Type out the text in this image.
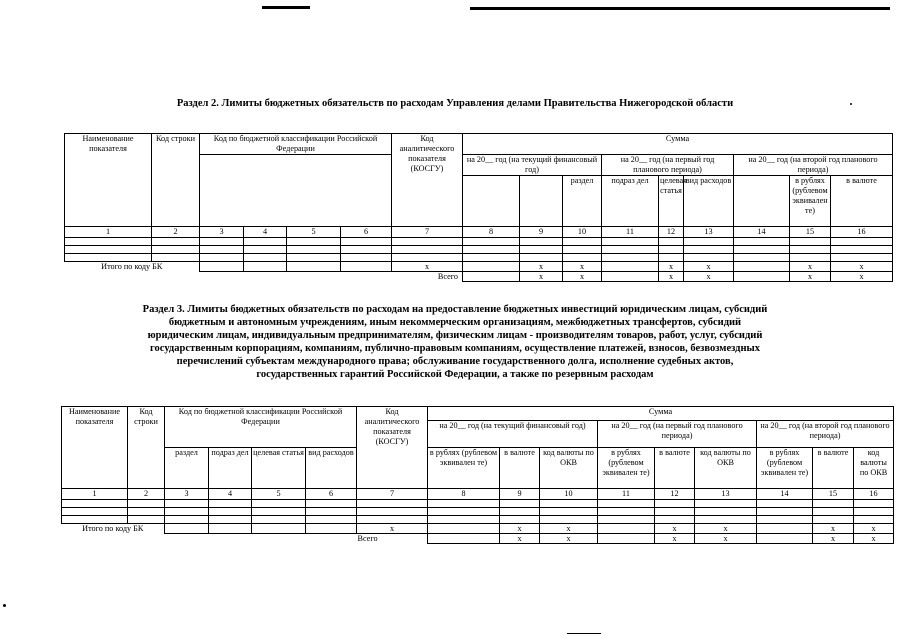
Раздел 2. Лимиты бюджетных обязательств по расходам Управления делами Правительства Нижегородской области
Наименование показателя	Код строки	Код по бюджетной классификации Российской Федерации				Код аналитического показателя (КОСГУ)	Сумма									
							на 20__ год (на текущий финансовый год)			на 20__ год (на первый год планового периода)			на 20__ год (на второй год планового периода)			
									раздел	подраз дел	целевая статья	вид расходов		в рублях (рублевом эквивален те)	в валюте							
1	2	3	4	5	6	7	8	9	10	11	12	13	14	15	16	

Итого по коду БК						x		x	x		x	x		x	x	
Всего								x	x		x	x		x	x	
Раздел 3. Лимиты бюджетных обязательств по расходам на предоставление бюджетных инвестиций юридическим лицам, субсидий
бюджетным и автономным учреждениям, иным некоммерческим организациям, межбюджетных трансфертов, субсидий
юридическим лицам, индивидуальным предпринимателям, физическим лицам - производителям товаров, работ, услуг, субсидий
государственным корпорациям, компаниям, публично-правовым компаниям, осуществление платежей, взносов, безвозмездных
перечислений субъектам международного права; обслуживание государственного долга, исполнение судебных актов,
государственных гарантий Российской Федерации, а также по резервным расходам
Наименование показателя	Код строки	Код по бюджетной классификации Российской Федерации				Код аналитического показателя (КОСГУ)	Сумма								
							на 20__ год (на текущий финансовый год)			на 20__ год (на первый год планового периода)			на 20__ год (на второй год планового периода)		
		раздел	подраз дел	целевая статья	вид расходов		в рублях (рублевом эквивален те)	в валюте	код валюты по ОКВ	в рублях (рублевом эквивален те)	в валюте	код валюты по ОКВ	в рублях (рублевом эквивален те)	в валюте	код валюты по ОКВ
1	2	3	4	5	6	7	8	9	10	11	12	13	14	15	16

Итого по коду БК						x		x	x		x	x		x	x
						Всего		x	x		x	x		x	x
